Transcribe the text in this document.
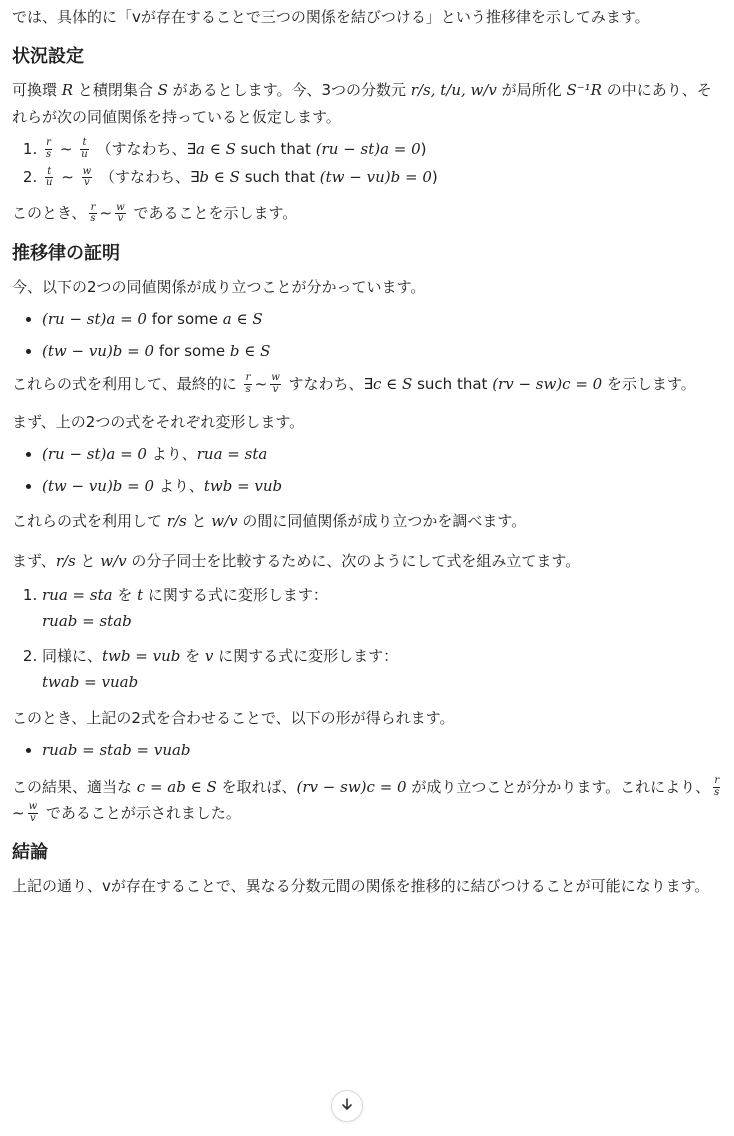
では、具体的に「vが存在することで三つの関係を結びつける」という推移律を示してみます。

状況設定

可換環 R と積閉集合 S があるとします。今、3つの分数元 r/s, t/u, w/v が局所化 S⁻¹R の中にあり、それらが次の同値関係を持っていると仮定します。

1. $\frac{r}{s}$ ∼ $\frac{t}{u}$ （すなわち、∃a ∈ S such that (ru − st)a = 0)
2. $\frac{t}{u}$ ∼ $\frac{w}{v}$ （すなわち、∃b ∈ S such that (tw − vu)b = 0)

このとき、 $\frac{r}{s}$ ∼ $\frac{w}{v}$ であることを示します。

推移律の証明

今、以下の2つの同値関係が成り立つことが分かっています。

• (ru − st)a = 0 for some a ∈ S
• (tw − vu)b = 0 for some b ∈ S

これらの式を利用して、最終的に $\frac{r}{s}$ ∼ $\frac{w}{v}$ すなわち、∃c ∈ S such that (rv − sw)c = 0 を示します。

まず、上の2つの式をそれぞれ変形します。

• (ru − st)a = 0 より、rua = sta
• (tw − vu)b = 0 より、twb = vub

これらの式を利用して r/s と w/v の間に同値関係が成り立つかを調べます。

まず、r/s と w/v の分子同士を比較するために、次のようにして式を組み立てます。

1. rua = sta を t に関する式に変形します：
ruab = stab
2. 同様に、twb = vub を v に関する式に変形します：
twab = vuab

このとき、上記の2式を合わせることで、以下の形が得られます。

• ruab = stab = vuab

この結果、適当な c = ab ∈ S を取れば、(rv − sw)c = 0 が成り立つことが分かります。これにより、 $\frac{r}{s}$
∼ $\frac{w}{v}$ であることが示されました。

結論

上記の通り、vが存在することで、異なる分数元間の関係を推移的に結びつけることが可能になります。
